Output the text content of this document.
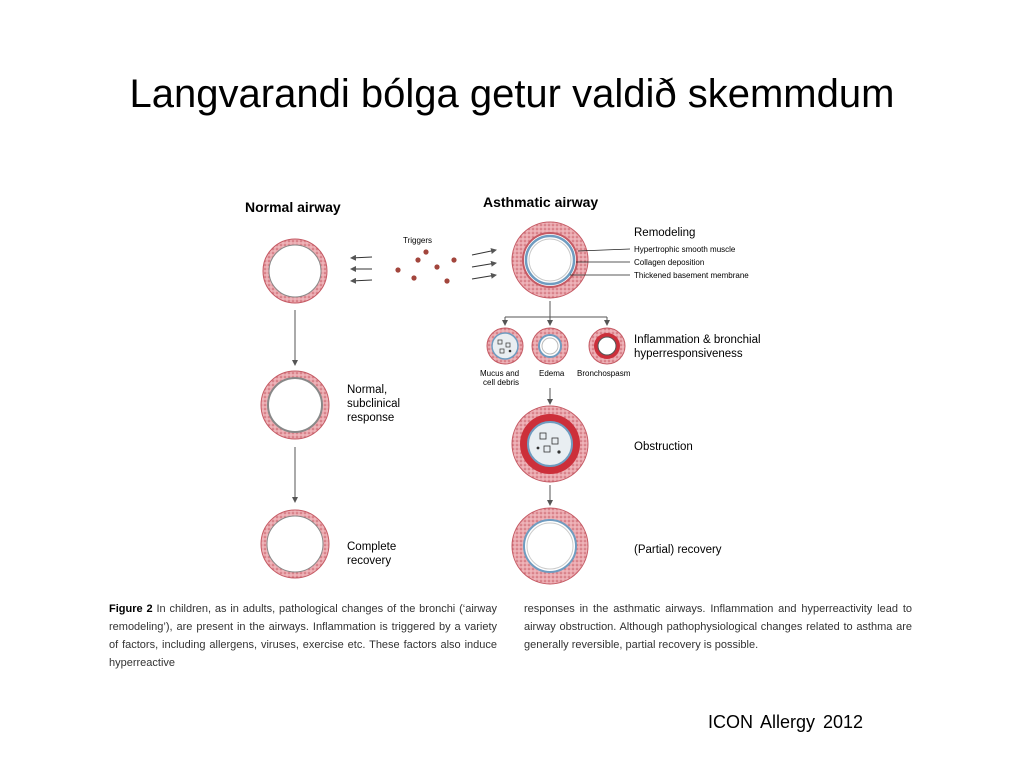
Langvarandi bólga getur valdið skemmdum
Normal airway	Asthmatic airway
Normal,
subclinical
response
Complete
recovery
Triggers
Remodeling
Hypertrophic smooth muscle
Collagen deposition
Thickened basement membrane
Mucus and
cell debris
Edema Bronchospasm
Inflammation & bronchial
hyperresponsiveness
Obstruction
(Partial) recovery
Figure 2 In children, as in adults, pathological changes of the bronchi (‘airway remodeling’), are present in the airways. Inflammation is triggered by a variety of factors, including allergens, viruses, exercise etc. These factors also induce hyperreactive
responses in the asthmatic airways. Inflammation and hyperreactivity lead to airway obstruction. Although pathophysiological changes related to asthma are generally reversible, partial recovery is possible.
ICON Allergy 2012
